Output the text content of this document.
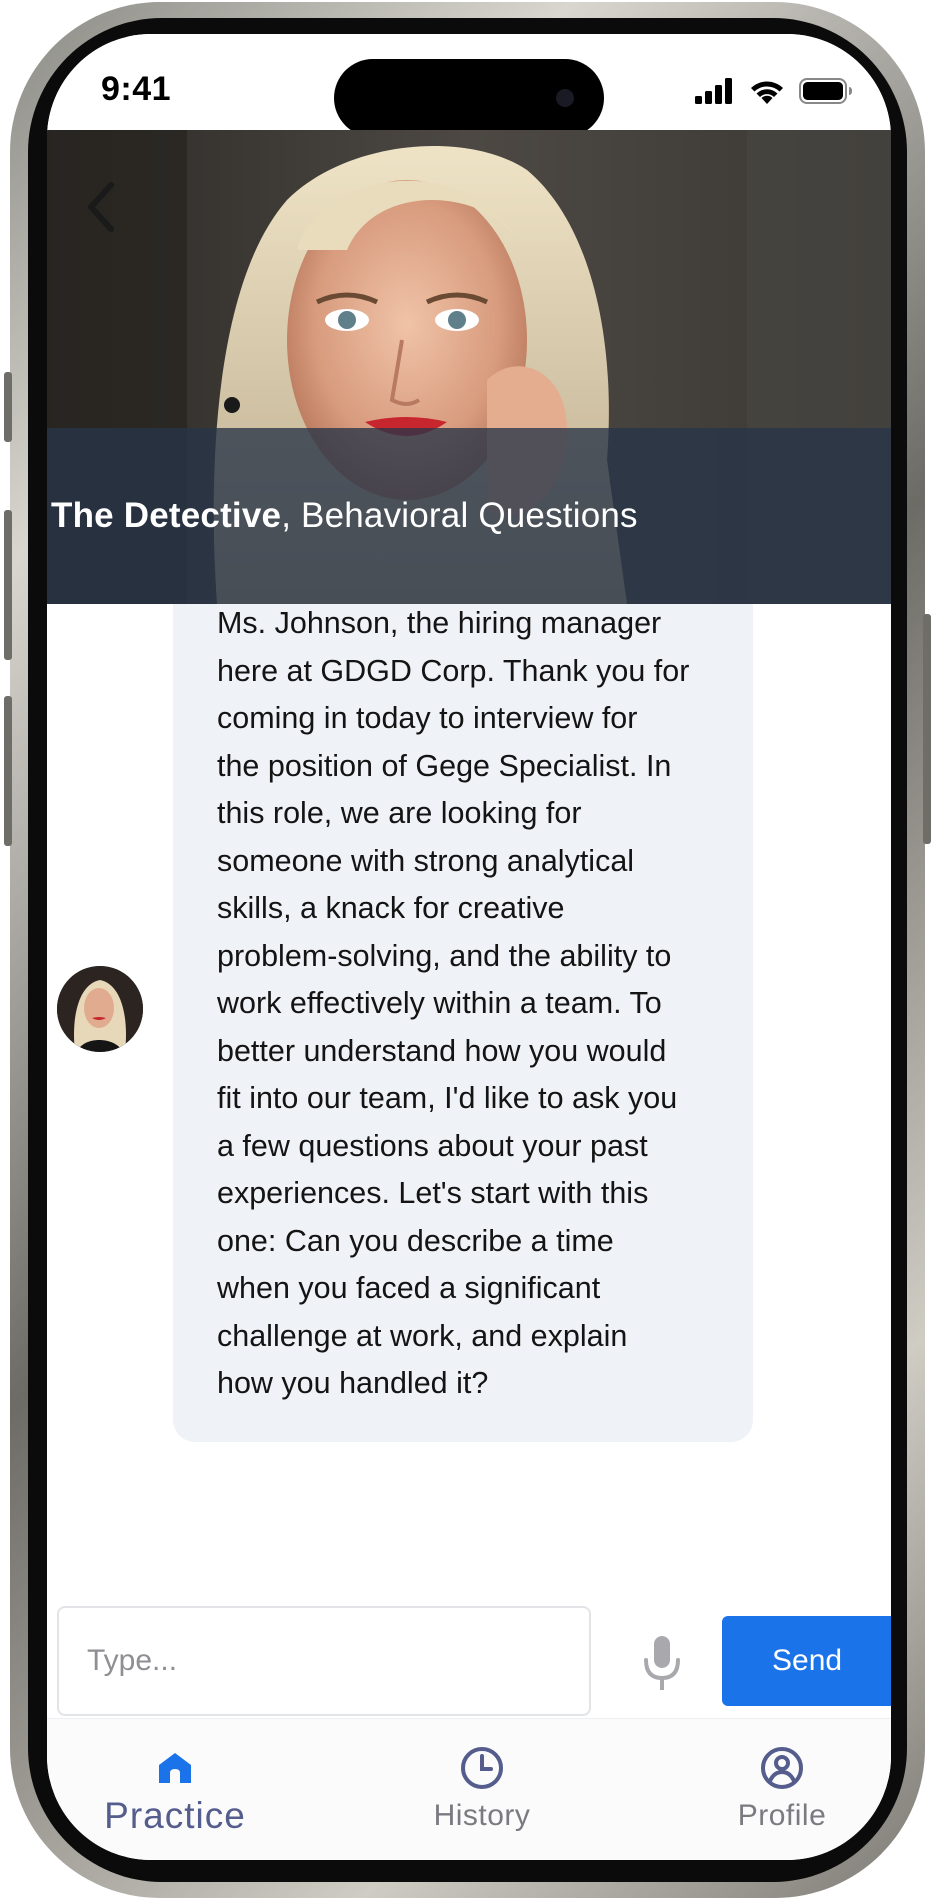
9:41
The Detective, Behavioral Questions
Ms. Johnson, the hiring manager
here at GDGD Corp. Thank you for
coming in today to interview for
the position of Gege Specialist. In
this role, we are looking for
someone with strong analytical
skills, a knack for creative
problem-solving, and the ability to
work effectively within a team. To
better understand how you would
fit into our team, I'd like to ask you
a few questions about your past
experiences. Let's start with this
one: Can you describe a time
when you faced a significant
challenge at work, and explain
how you handled it?
Type...
Send
Practice	History	Profile
